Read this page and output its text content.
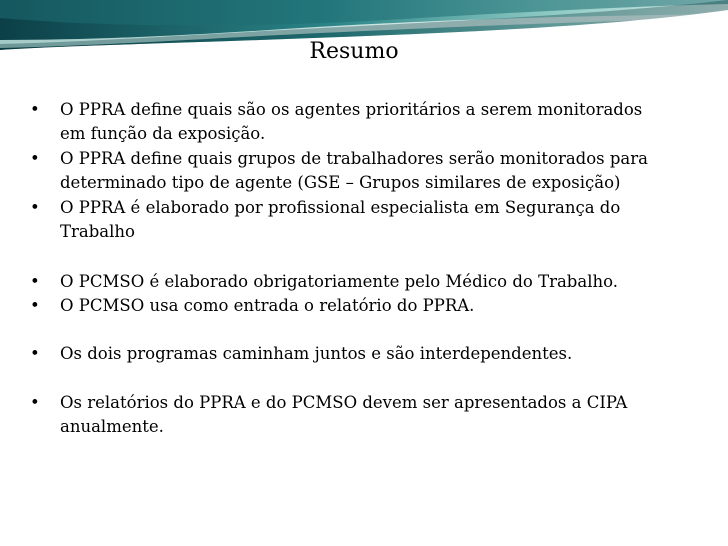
Resumo
• O PPRA define quais são os agentes prioritários a serem monitorados
em função da exposição.
• O PPRA define quais grupos de trabalhadores serão monitorados para
determinado tipo de agente (GSE – Grupos similares de exposição)
• O PPRA é elaborado por profissional especialista em Segurança do
Trabalho
• O PCMSO é elaborado obrigatoriamente pelo Médico do Trabalho.
• O PCMSO usa como entrada o relatório do PPRA.
• Os dois programas caminham juntos e são interdependentes.
• Os relatórios do PPRA e do PCMSO devem ser apresentados a CIPA
anualmente.
